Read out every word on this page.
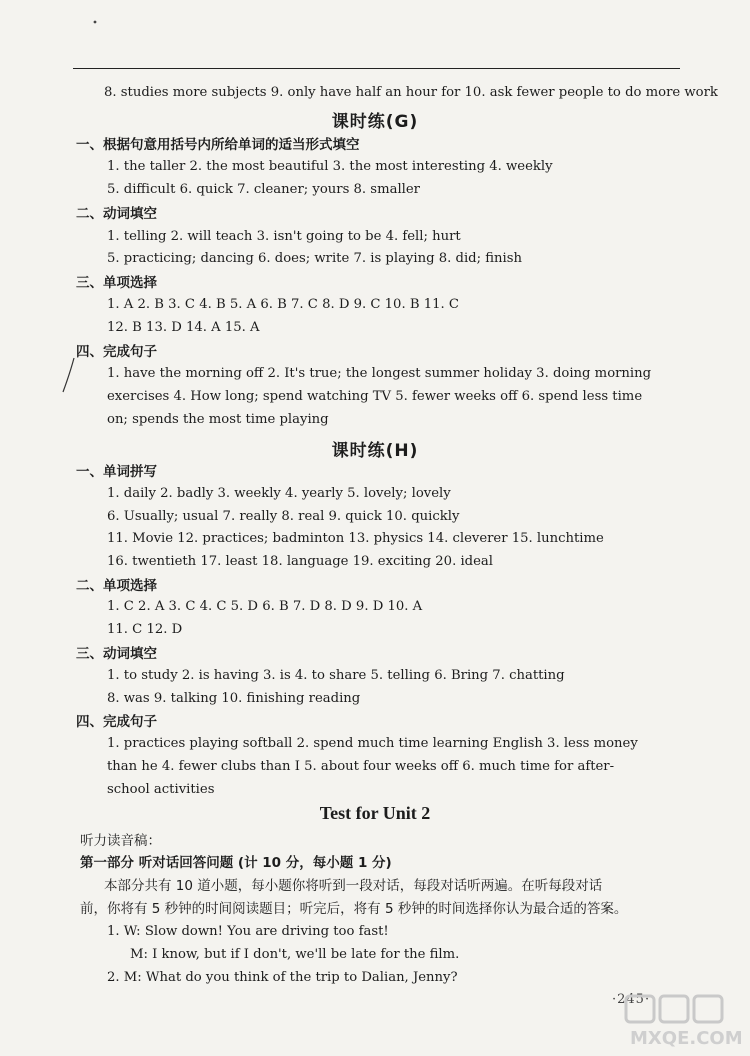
8. studies more subjects 9. only have half an hour for 10. ask fewer people to do more work
课时练(G)
一、根据句意用括号内所给单词的适当形式填空
1. the taller 2. the most beautiful 3. the most interesting 4. weekly
5. difficult 6. quick 7. cleaner; yours 8. smaller
二、动词填空
1. telling 2. will teach 3. isn't going to be 4. fell; hurt
5. practicing; dancing 6. does; write 7. is playing 8. did; finish
三、单项选择
1. A 2. B 3. C 4. B 5. A 6. B 7. C 8. D 9. C 10. B 11. C
12. B 13. D 14. A 15. A
四、完成句子
1. have the morning off 2. It's true; the longest summer holiday 3. doing morning
exercises 4. How long; spend watching TV 5. fewer weeks off 6. spend less time
on; spends the most time playing
课时练(H)
一、单词拼写
1. daily 2. badly 3. weekly 4. yearly 5. lovely; lovely
6. Usually; usual 7. really 8. real 9. quick 10. quickly
11. Movie 12. practices; badminton 13. physics 14. cleverer 15. lunchtime
16. twentieth 17. least 18. language 19. exciting 20. ideal
二、单项选择
1. C 2. A 3. C 4. C 5. D 6. B 7. D 8. D 9. D 10. A
11. C 12. D
三、动词填空
1. to study 2. is having 3. is 4. to share 5. telling 6. Bring 7. chatting
8. was 9. talking 10. finishing reading
四、完成句子
1. practices playing softball 2. spend much time learning English 3. less money
than he 4. fewer clubs than I 5. about four weeks off 6. much time for after-
school activities
Test for Unit 2
听力读音稿：
第一部分 听对话回答问题 (计 10 分，每小题 1 分)
本部分共有 10 道小题，每小题你将听到一段对话，每段对话听两遍。在听每段对话
前，你将有 5 秒钟的时间阅读题目；听完后，将有 5 秒钟的时间选择你认为最合适的答案。
1. W: Slow down! You are driving too fast!
M: I know, but if I don't, we'll be late for the film.
2. M: What do you think of the trip to Dalian, Jenny?
·245·
MXQE.COM
